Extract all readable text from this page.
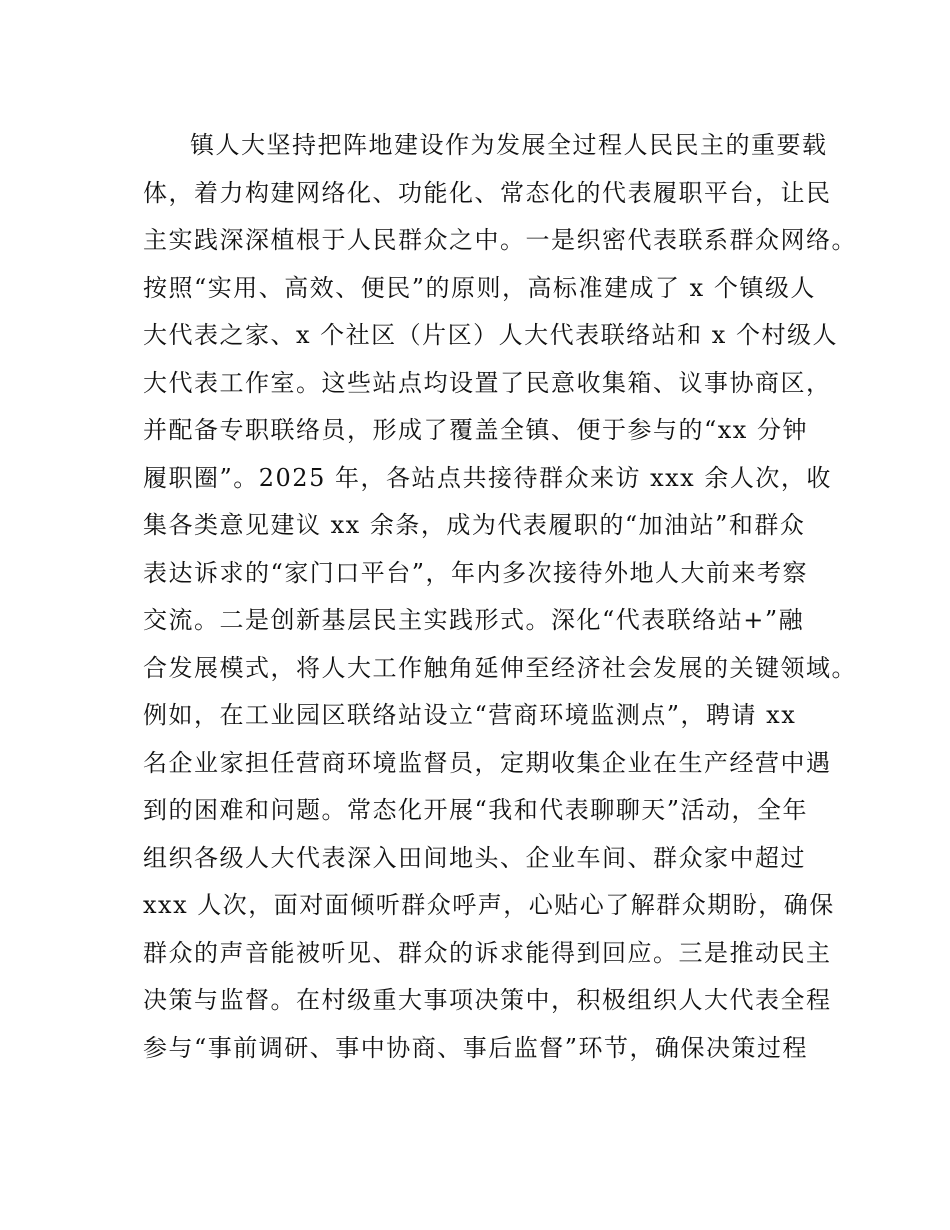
镇人大坚持把阵地建设作为发展全过程人民民主的重要载
体，着力构建网络化、功能化、常态化的代表履职平台，让民
主实践深深植根于人民群众之中。一是织密代表联系群众网络。
按照“实用、高效、便民”的原则，高标准建成了 x 个镇级人
大代表之家、x 个社区（片区）人大代表联络站和 x 个村级人
大代表工作室。这些站点均设置了民意收集箱、议事协商区，
并配备专职联络员，形成了覆盖全镇、便于参与的“xx 分钟
履职圈”。2025 年，各站点共接待群众来访 xxx 余人次，收
集各类意见建议 xx 余条，成为代表履职的“加油站”和群众
表达诉求的“家门口平台”，年内多次接待外地人大前来考察
交流。二是创新基层民主实践形式。深化“代表联络站+”融
合发展模式，将人大工作触角延伸至经济社会发展的关键领域。
例如，在工业园区联络站设立“营商环境监测点”，聘请 xx
名企业家担任营商环境监督员，定期收集企业在生产经营中遇
到的困难和问题。常态化开展“我和代表聊聊天”活动，全年
组织各级人大代表深入田间地头、企业车间、群众家中超过
xxx 人次，面对面倾听群众呼声，心贴心了解群众期盼，确保
群众的声音能被听见、群众的诉求能得到回应。三是推动民主
决策与监督。在村级重大事项决策中，积极组织人大代表全程
参与“事前调研、事中协商、事后监督”环节，确保决策过程
